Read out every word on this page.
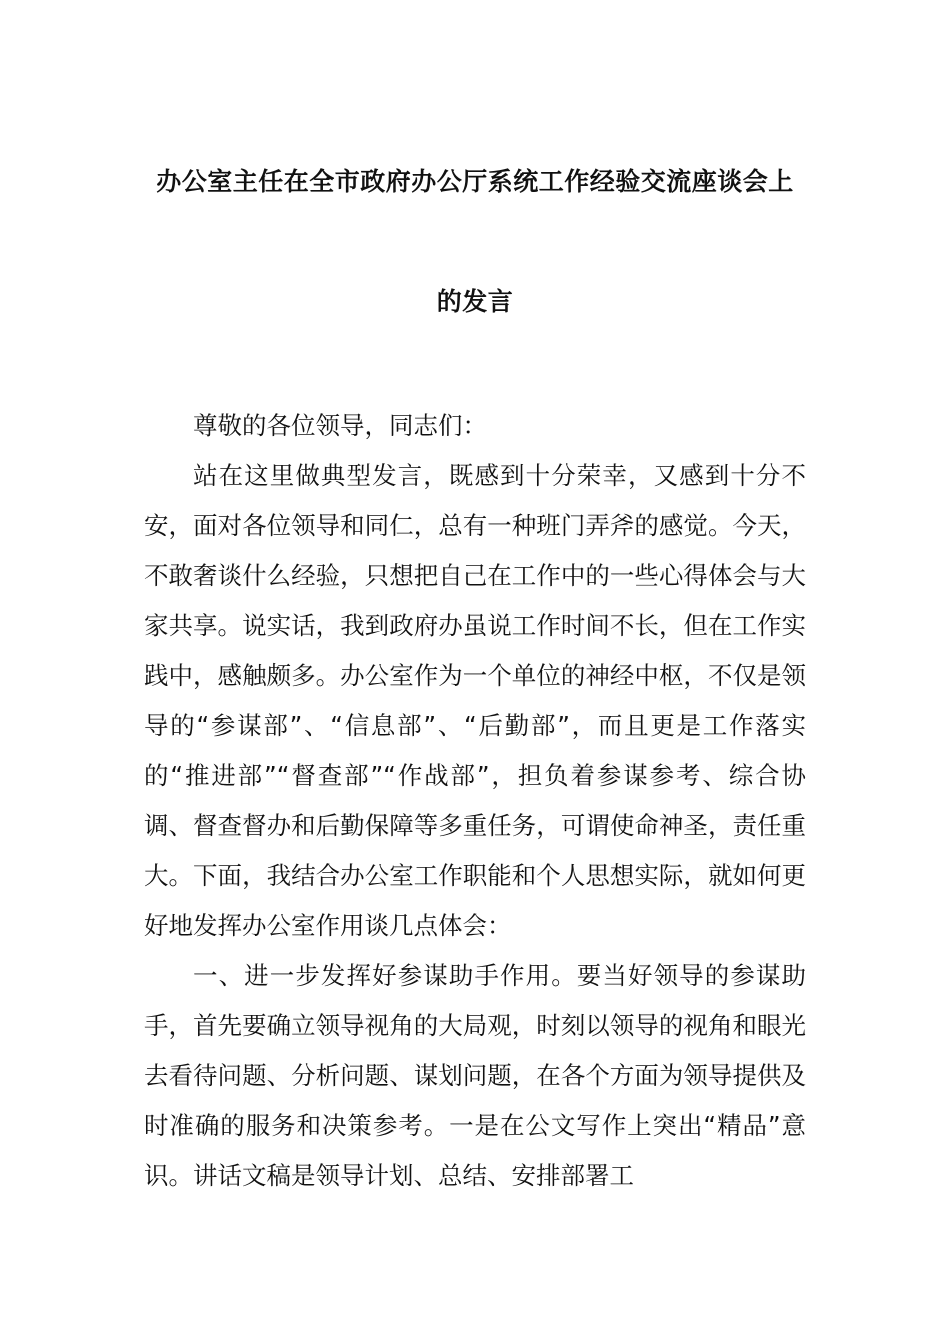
办公室主任在全市政府办公厅系统工作经验交流座谈会上
的发言

尊敬的各位领导，同志们：

站在这里做典型发言，既感到十分荣幸，又感到十分不安，面对各位领导和同仁，总有一种班门弄斧的感觉。今天，不敢奢谈什么经验，只想把自己在工作中的一些心得体会与大家共享。说实话，我到政府办虽说工作时间不长，但在工作实践中，感触颇多。办公室作为一个单位的神经中枢，不仅是领导的“参谋部”、“信息部”、“后勤部”，而且更是工作落实的“推进部”“督查部”“作战部”，担负着参谋参考、综合协调、督查督办和后勤保障等多重任务，可谓使命神圣，责任重大。下面，我结合办公室工作职能和个人思想实际，就如何更好地发挥办公室作用谈几点体会：

一、进一步发挥好参谋助手作用。要当好领导的参谋助手，首先要确立领导视角的大局观，时刻以领导的视角和眼光去看待问题、分析问题、谋划问题，在各个方面为领导提供及时准确的服务和决策参考。一是在公文写作上突出“精品”意识。讲话文稿是领导计划、总结、安排部署工
